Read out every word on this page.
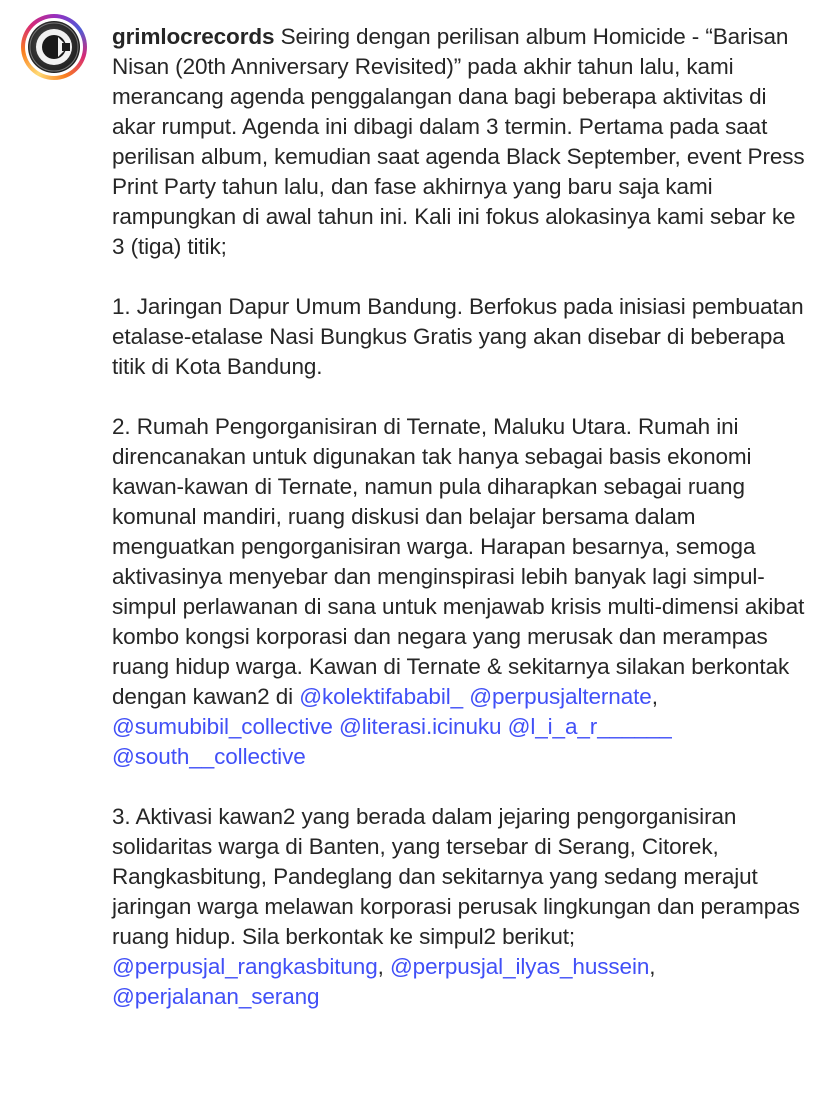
grimlocrecords Seiring dengan perilisan album Homicide - “Barisan Nisan (20th Anniversary Revisited)” pada akhir tahun lalu, kami merancang agenda penggalangan dana bagi beberapa aktivitas di akar rumput. Agenda ini dibagi dalam 3 termin. Pertama pada saat perilisan album, kemudian saat agenda Black September, event Press Print Party tahun lalu, dan fase akhirnya yang baru saja kami rampungkan di awal tahun ini. Kali ini fokus alokasinya kami sebar ke 3 (tiga) titik;
1. Jaringan Dapur Umum Bandung. Berfokus pada inisiasi pembuatan etalase-etalase Nasi Bungkus Gratis yang akan disebar di beberapa titik di Kota Bandung.
2. Rumah Pengorganisiran di Ternate, Maluku Utara. Rumah ini direncanakan untuk digunakan tak hanya sebagai basis ekonomi kawan-kawan di Ternate, namun pula diharapkan sebagai ruang komunal mandiri, ruang diskusi dan belajar bersama dalam menguatkan pengorganisiran warga. Harapan besarnya, semoga aktivasinya menyebar dan menginspirasi lebih banyak lagi simpul-simpul perlawanan di sana untuk menjawab krisis multi-dimensi akibat kombo kongsi korporasi dan negara yang merusak dan merampas ruang hidup warga. Kawan di Ternate & sekitarnya silakan berkontak dengan kawan2 di @kolektifababil_ @perpusjalternate, @sumubibil_collective @literasi.icinuku @l_i_a_r______ @south__collective
3. Aktivasi kawan2 yang berada dalam jejaring pengorganisiran solidaritas warga di Banten, yang tersebar di Serang, Citorek, Rangkasbitung, Pandeglang dan sekitarnya yang sedang merajut jaringan warga melawan korporasi perusak lingkungan dan perampas ruang hidup. Sila berkontak ke simpul2 berikut; @perpusjal_rangkasbitung, @perpusjal_ilyas_hussein, @perjalanan_serang
